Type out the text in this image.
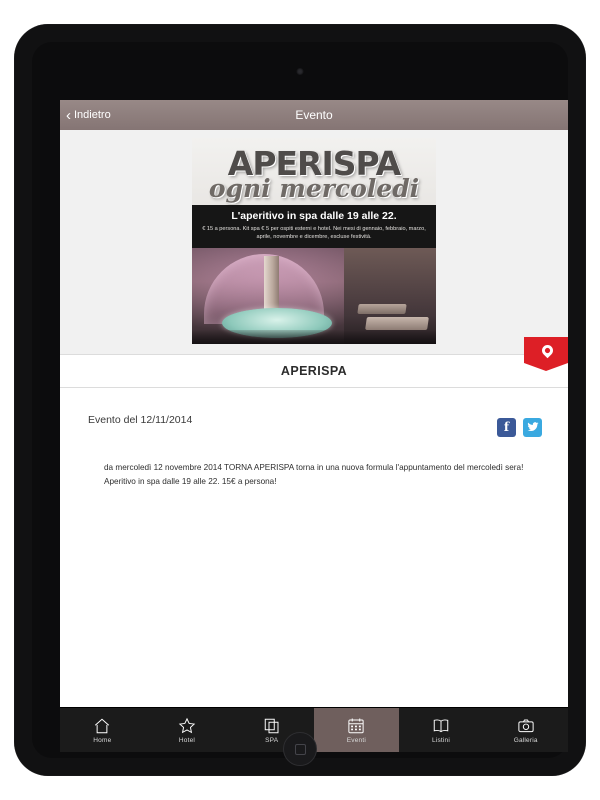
‹ Indietro	Evento
APERISPA
ogni mercoledi
L'aperitivo in spa dalle 19 alle 22.
€ 15 a persona. Kit spa € 5 per ospiti esterni e hotel. Nei mesi di gennaio, febbraio, marzo, aprile, novembre e dicembre, escluse festività.
APERISPA
Evento del 12/11/2014	f
da mercoledì 12 novembre 2014 TORNA APERISPA torna in una nuova formula l'appuntamento del mercoledì sera! Aperitivo in spa dalle 19 alle 22. 15€ a persona!
Home	Hotel	SPA	Eventi	Listini	Galleria
